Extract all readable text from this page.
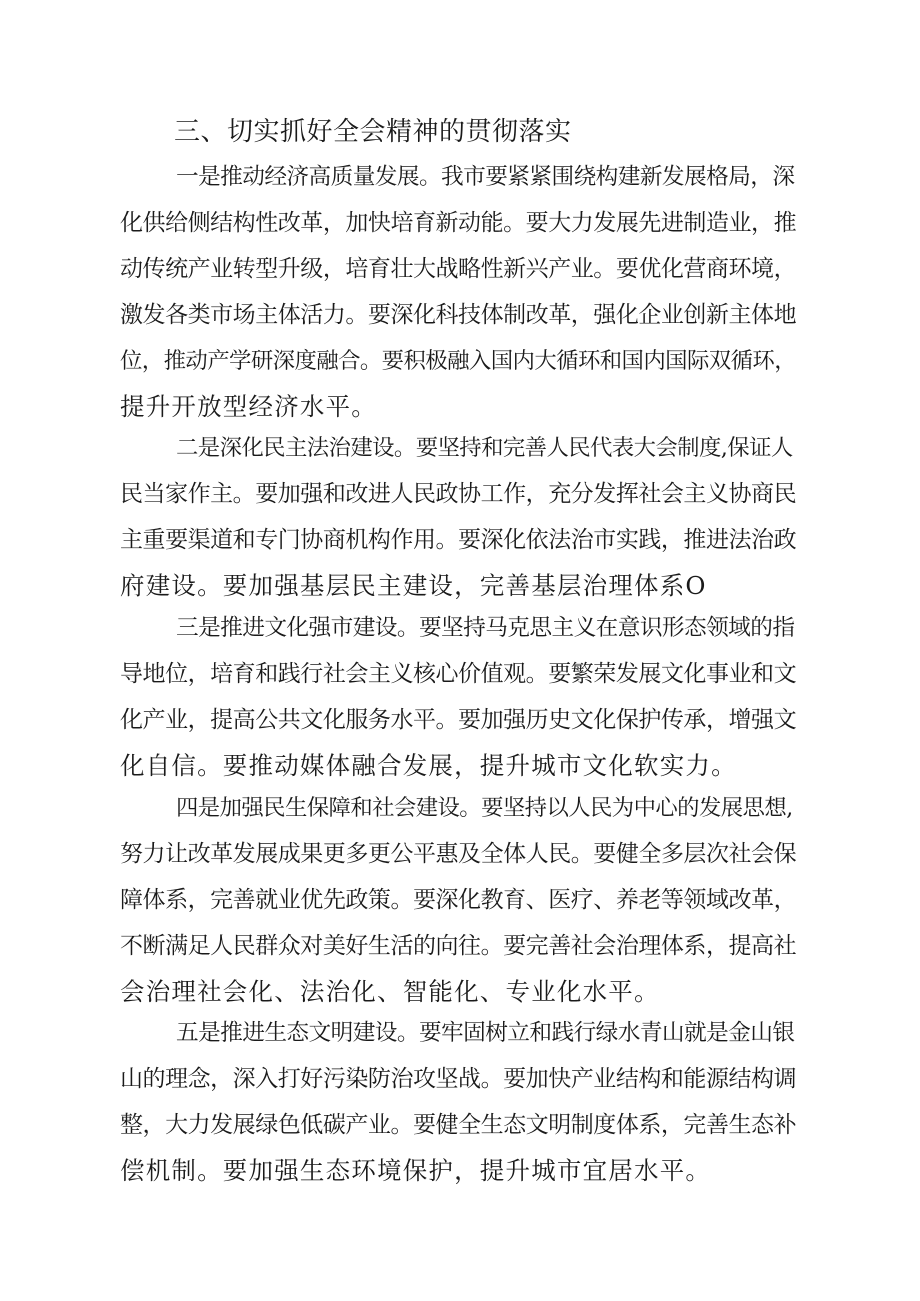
三、切实抓好全会精神的贯彻落实
一是推动经济高质量发展。我市要紧紧围绕构建新发展格局，深
化供给侧结构性改革，加快培育新动能。要大力发展先进制造业，推
动传统产业转型升级，培育壮大战略性新兴产业。要优化营商环境，
激发各类市场主体活力。要深化科技体制改革，强化企业创新主体地
位，推动产学研深度融合。要积极融入国内大循环和国内国际双循环，
提升开放型经济水平。
二是深化民主法治建设。要坚持和完善人民代表大会制度,保证人
民当家作主。要加强和改进人民政协工作，充分发挥社会主义协商民
主重要渠道和专门协商机构作用。要深化依法治市实践，推进法治政
府建设。要加强基层民主建设，完善基层治理体系O
三是推进文化强市建设。要坚持马克思主义在意识形态领域的指
导地位，培育和践行社会主义核心价值观。要繁荣发展文化事业和文
化产业，提高公共文化服务水平。要加强历史文化保护传承，增强文
化自信。要推动媒体融合发展，提升城市文化软实力。
四是加强民生保障和社会建设。要坚持以人民为中心的发展思想,
努力让改革发展成果更多更公平惠及全体人民。要健全多层次社会保
障体系，完善就业优先政策。要深化教育、医疗、养老等领域改革，
不断满足人民群众对美好生活的向往。要完善社会治理体系，提高社
会治理社会化、法治化、智能化、专业化水平。
五是推进生态文明建设。要牢固树立和践行绿水青山就是金山银
山的理念，深入打好污染防治攻坚战。要加快产业结构和能源结构调
整，大力发展绿色低碳产业。要健全生态文明制度体系，完善生态补
偿机制。要加强生态环境保护，提升城市宜居水平。
